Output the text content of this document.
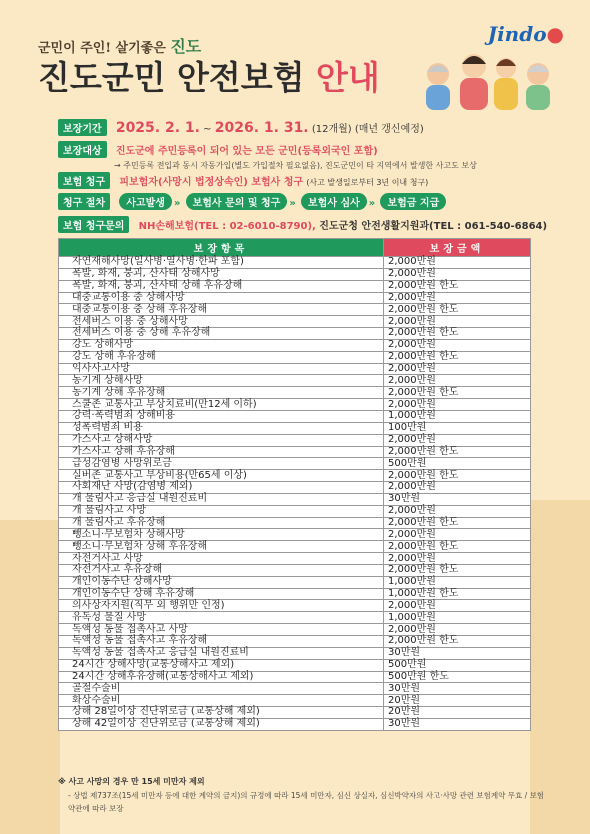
군민이 주인! 살기좋은 진도
Jindo●
진도군민 안전보험 안내
보장기간 2025. 2. 1. ~ 2026. 1. 31. (12개월) (매년 갱신예정)
보장대상 진도군에 주민등록이 되어 있는 모든 군민(등록외국인 포함)
→ 주민등록 전입과 동시 자동가입(별도 가입절차 필요없음), 진도군민이 타 지역에서 발생한 사고도 보상
보험 청구 피보험자(사망시 법정상속인) 보험사 청구 (사고 발생일로부터 3년 이내 청구)
청구 절차 사고발생 » 보험사 문의 및 청구 » 보험사 심사 » 보험금 지급
보험 청구문의 NH손해보험(TEL : 02-6010-8790), 진도군청 안전생활지원과(TEL : 061-540-6864)
보장항목	보장금액
자연재해사망(일사병·열사병·한파 포함)	2,000만원
폭발, 화재, 붕괴, 산사태 상해사망	2,000만원
폭발, 화재, 붕괴, 산사태 상해 후유장해	2,000만원 한도
대중교통이용 중 상해사망	2,000만원
대중교통이용 중 상해 후유장해	2,000만원 한도
전세버스 이용 중 상해사망	2,000만원
전세버스 이용 중 상해 후유장해	2,000만원 한도
강도 상해사망	2,000만원
강도 상해 후유장해	2,000만원 한도
익사사고사망	2,000만원
농기계 상해사망	2,000만원
농기계 상해 후유장해	2,000만원 한도
스쿨존 교통사고 부상치료비(만12세 이하)	2,000만원
강력·폭력범죄 상해비용	1,000만원
성폭력범죄 비용	100만원
가스사고 상해사망	2,000만원
가스사고 상해 후유장해	2,000만원 한도
급성감염병 사망위로금	500만원
실버존 교통사고 부상비용(만65세 이상)	2,000만원 한도
사회재난 사망(감염병 제외)	2,000만원
개 물림사고 응급실 내원진료비	30만원
개 물림사고 사망	2,000만원
개 물림사고 후유장해	2,000만원 한도
뺑소니·무보험차 상해사망	2,000만원
뺑소니·무보험차 상해 후유장해	2,000만원 한도
자전거사고 사망	2,000만원
자전거사고 후유장해	2,000만원 한도
개인이동수단 상해사망	1,000만원
개인이동수단 상해 후유장해	1,000만원 한도
의사상자지원(직무 외 행위만 인정)	2,000만원
유독성 물질 사망	1,000만원
독액성 동물 접촉사고 사망	2,000만원
독액성 동물 접촉사고 후유장해	2,000만원 한도
독액성 동물 접촉사고 응급실 내원진료비	30만원
24시간 상해사망(교통상해사고 제외)	500만원
24시간 상해후유장해(교통상해사고 제외)	500만원 한도
골절수술비	30만원
화상수술비	20만원
상해 28일이상 진단위로금 (교통상해 제외)	20만원
상해 42일이상 진단위로금 (교통상해 제외)	30만원
※ 사고 사망의 경우 만 15세 미만자 제외
- 상법 제737조(15세 미만자 등에 대한 계약의 금지)의 규정에 따라 15세 미만자, 심신 상실자, 심신박약자의 사고·사망 관련 보험계약 무효 / 보험 약관에 따라 보장
